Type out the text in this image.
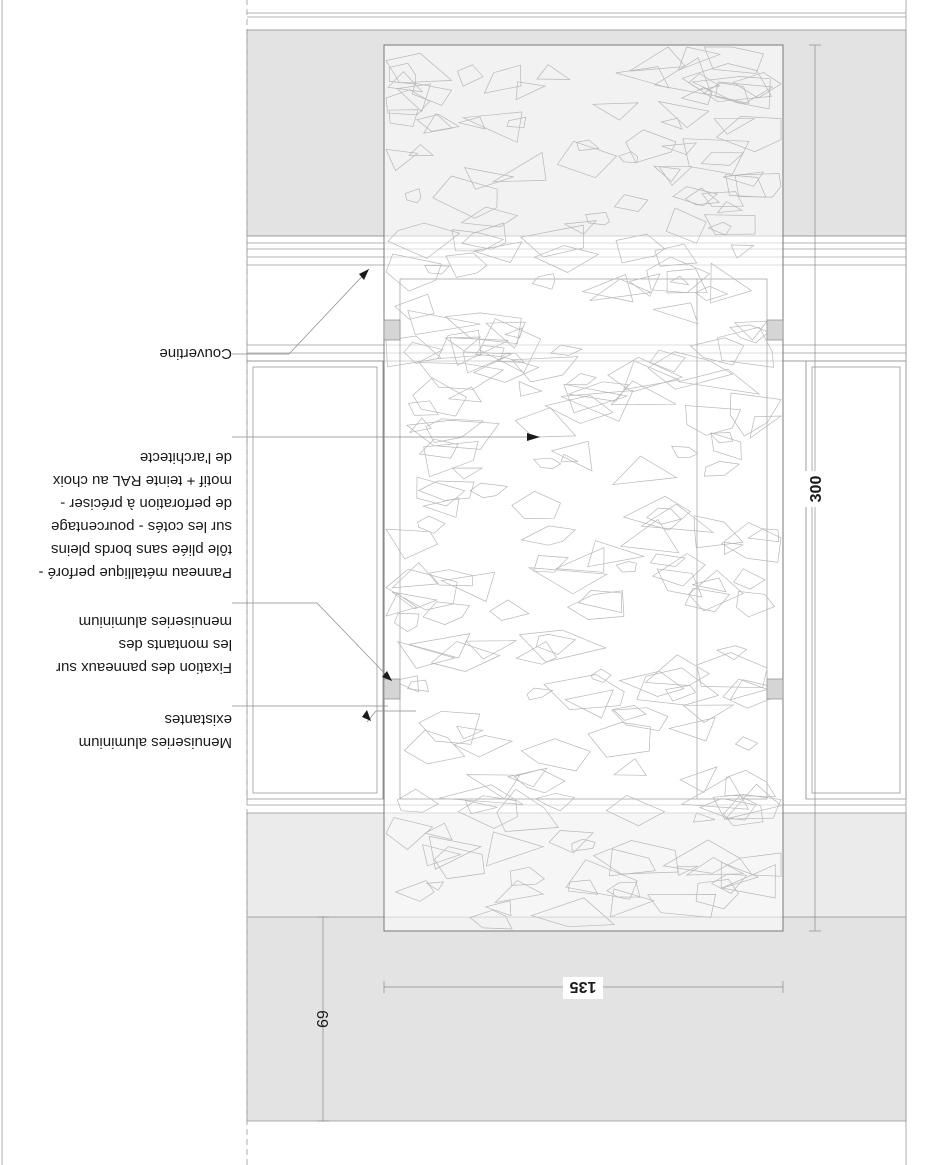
300
135
69
Couvertine
Panneau métallique perforé - tôle pliée sans bords pleins sur les cotés - pourcentage de perforation à préciser - motif + teinte RAL au choix de l'architecte
Fixation des panneaux sur les montants des menuiseries aluminium
Menuiseries aluminium existantes
